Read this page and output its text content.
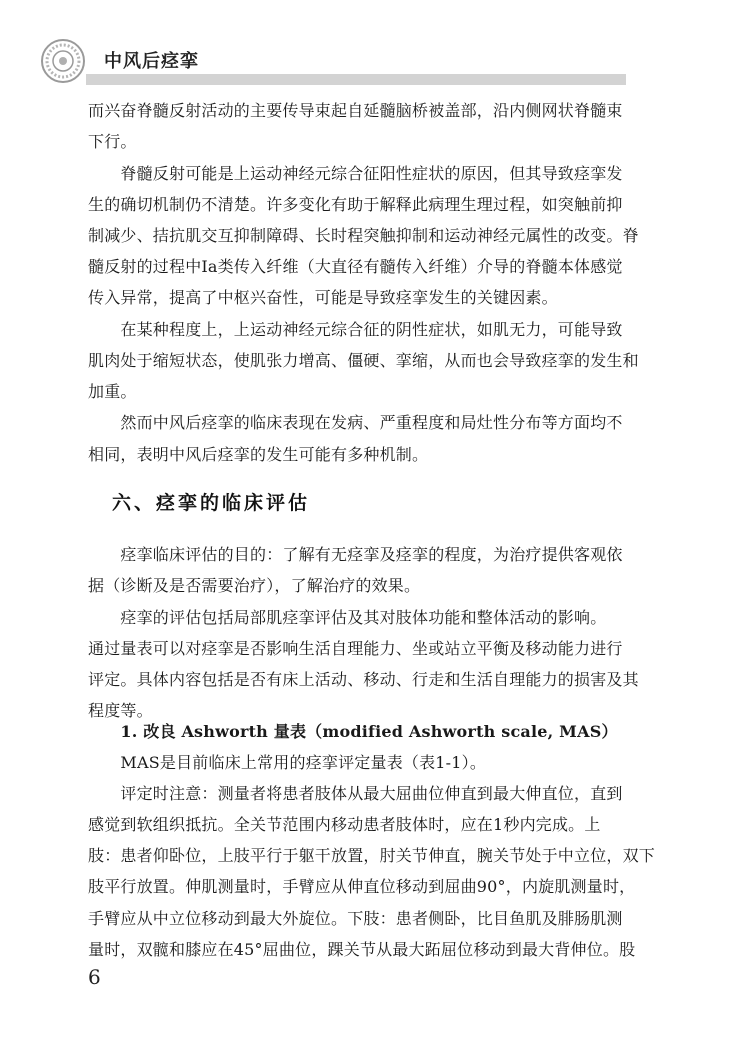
中风后痉挛
而兴奋脊髓反射活动的主要传导束起自延髓脑桥被盖部，沿内侧网状脊髓束
下行。
　　脊髓反射可能是上运动神经元综合征阳性症状的原因，但其导致痉挛发
生的确切机制仍不清楚。许多变化有助于解释此病理生理过程，如突触前抑
制减少、拮抗肌交互抑制障碍、长时程突触抑制和运动神经元属性的改变。脊
髓反射的过程中Ia类传入纤维（大直径有髓传入纤维）介导的脊髓本体感觉
传入异常，提高了中枢兴奋性，可能是导致痉挛发生的关键因素。
　　在某种程度上，上运动神经元综合征的阴性症状，如肌无力，可能导致
肌肉处于缩短状态，使肌张力增高、僵硬、挛缩，从而也会导致痉挛的发生和
加重。
　　然而中风后痉挛的临床表现在发病、严重程度和局灶性分布等方面均不
相同，表明中风后痉挛的发生可能有多种机制。
六、痉挛的临床评估
　　痉挛临床评估的目的：了解有无痉挛及痉挛的程度，为治疗提供客观依
据（诊断及是否需要治疗），了解治疗的效果。
　　痉挛的评估包括局部肌痉挛评估及其对肢体功能和整体活动的影响。
通过量表可以对痉挛是否影响生活自理能力、坐或站立平衡及移动能力进行
评定。具体内容包括是否有床上活动、移动、行走和生活自理能力的损害及其
程度等。
　　1. 改良 Ashworth 量表（modified Ashworth scale, MAS）
　　MAS是目前临床上常用的痉挛评定量表（表1-1）。
　　评定时注意：测量者将患者肢体从最大屈曲位伸直到最大伸直位，直到
感觉到软组织抵抗。全关节范围内移动患者肢体时，应在1秒内完成。上
肢：患者仰卧位，上肢平行于躯干放置，肘关节伸直，腕关节处于中立位，双下
肢平行放置。伸肌测量时，手臂应从伸直位移动到屈曲90°，内旋肌测量时，
手臂应从中立位移动到最大外旋位。下肢：患者侧卧，比目鱼肌及腓肠肌测
量时，双髋和膝应在45°屈曲位，踝关节从最大跖屈位移动到最大背伸位。股
6
